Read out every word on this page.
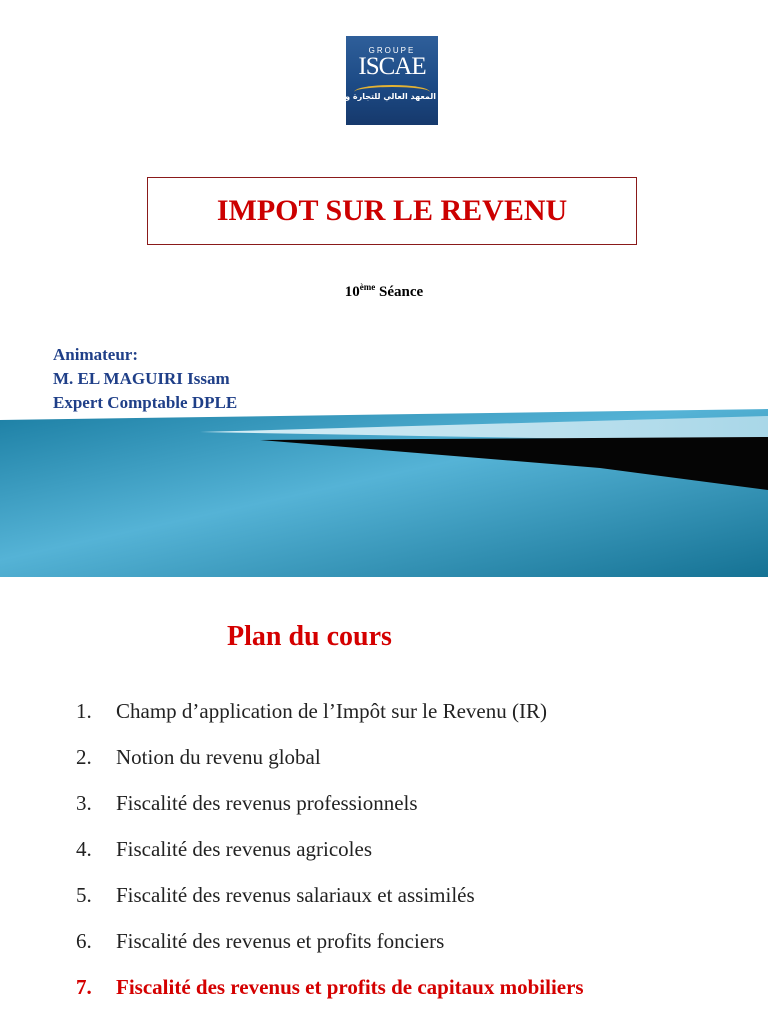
GROUPE
ISCAE
المعهد العالي للتجارة و إدارة المقاولات
IMPOT SUR LE REVENU
10ème Séance
Animateur:
M. EL MAGUIRI Issam
Expert Comptable DPLE
Plan du cours
1.	Champ d’application de l’Impôt sur le Revenu (IR)
2.	Notion du revenu global
3.	Fiscalité des revenus professionnels
4.	Fiscalité des revenus agricoles
5.	Fiscalité des revenus salariaux et assimilés
6.	Fiscalité des revenus et profits fonciers
7.	Fiscalité des revenus et profits de capitaux mobiliers
